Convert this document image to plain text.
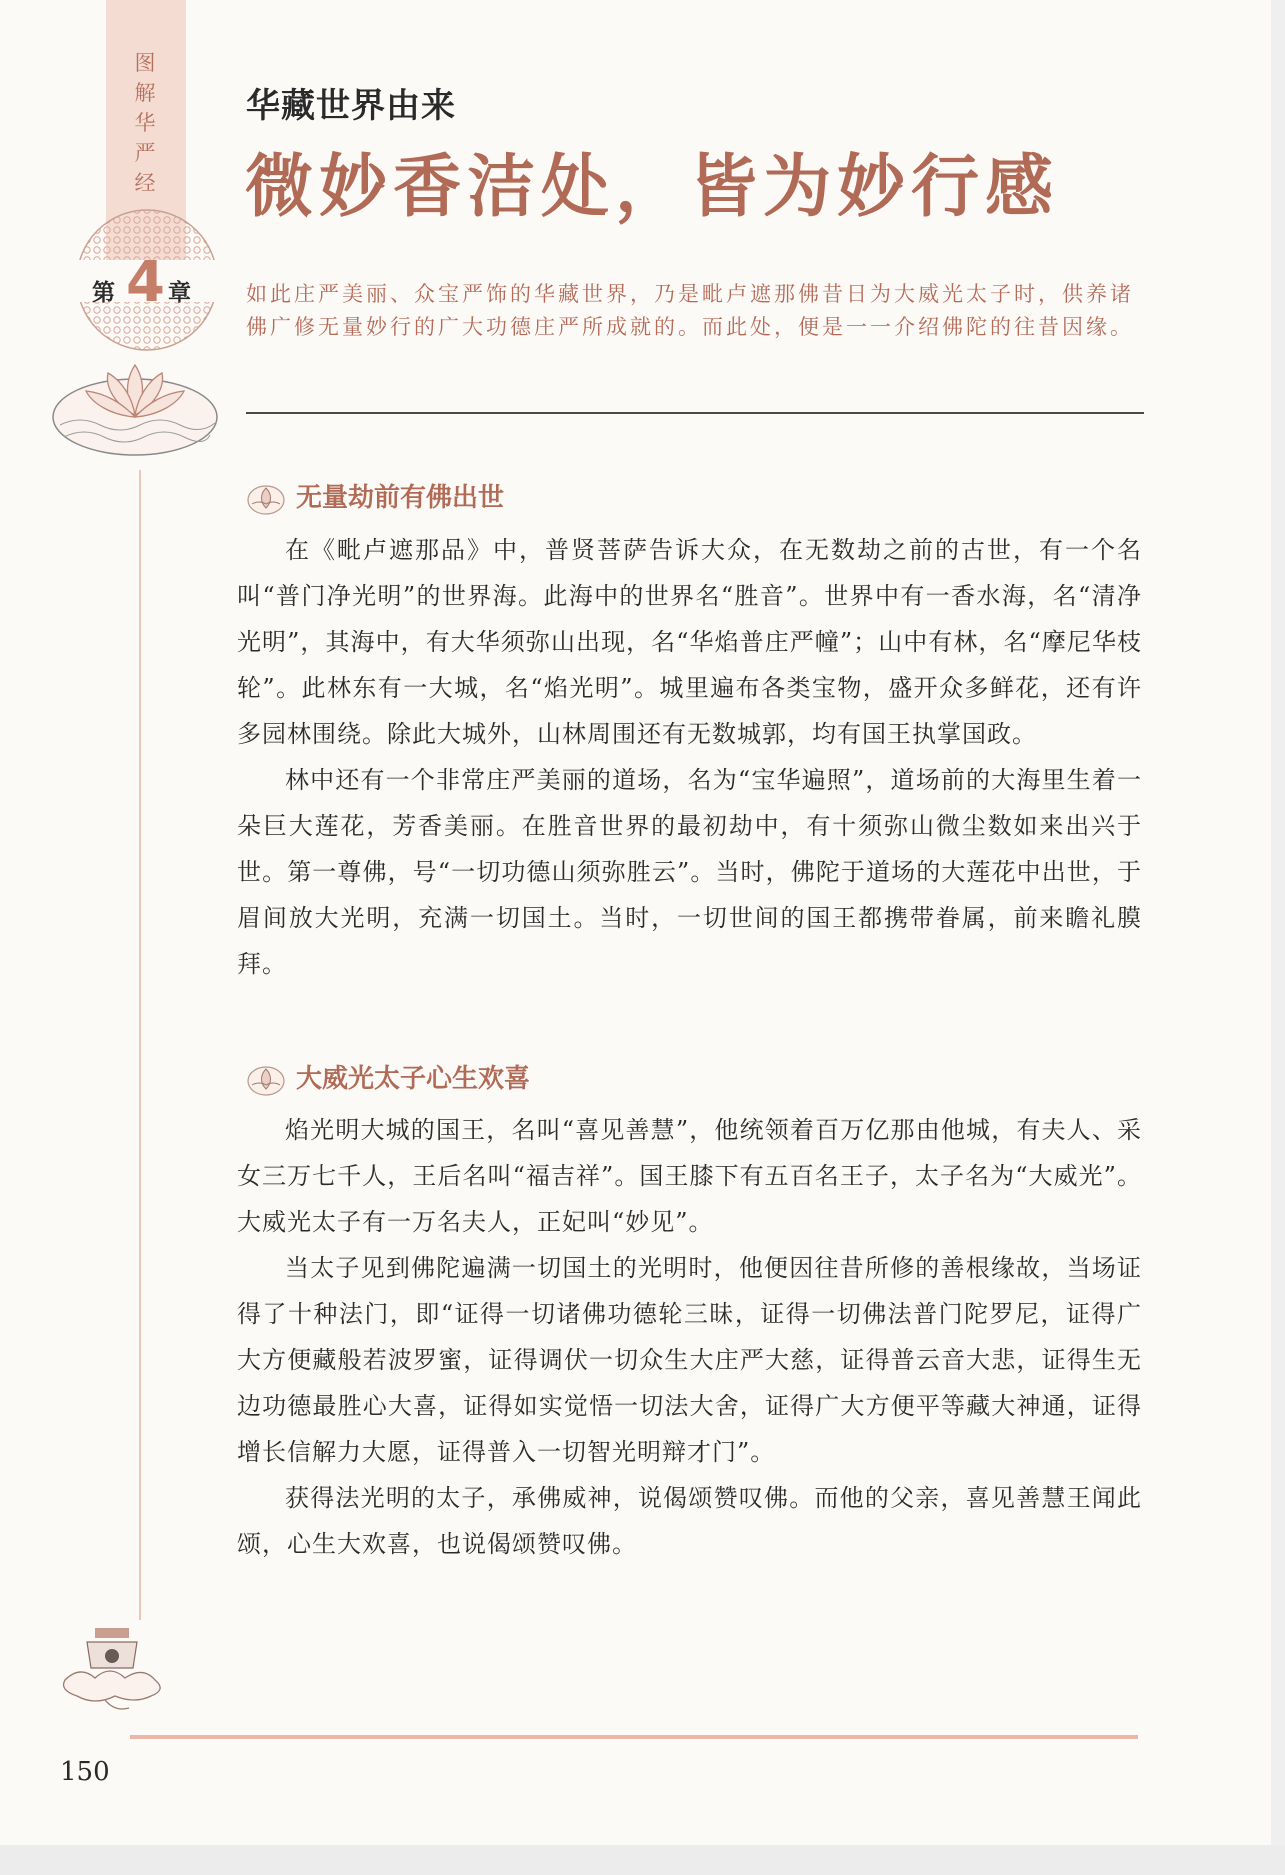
图
解
华
严
经
第 4 章
华藏世界由来
微妙香洁处，皆为妙行感
如此庄严美丽、众宝严饰的华藏世界，乃是毗卢遮那佛昔日为大威光太子时，供养诸佛广修无量妙行的广大功德庄严所成就的。而此处，便是一一介绍佛陀的往昔因缘。
无量劫前有佛出世

在《毗卢遮那品》中，普贤菩萨告诉大众，在无数劫之前的古世，有一个名叫“普门净光明”的世界海。此海中的世界名“胜音”。世界中有一香水海，名“清净光明”，其海中，有大华须弥山出现，名“华焰普庄严幢”；山中有林，名“摩尼华枝轮”。此林东有一大城，名“焰光明”。城里遍布各类宝物，盛开众多鲜花，还有许多园林围绕。除此大城外，山林周围还有无数城郭，均有国王执掌国政。

林中还有一个非常庄严美丽的道场，名为“宝华遍照”，道场前的大海里生着一朵巨大莲花，芳香美丽。在胜音世界的最初劫中，有十须弥山微尘数如来出兴于世。第一尊佛，号“一切功德山须弥胜云”。当时，佛陀于道场的大莲花中出世，于眉间放大光明，充满一切国土。当时，一切世间的国王都携带眷属，前来瞻礼膜拜。

大威光太子心生欢喜

焰光明大城的国王，名叫“喜见善慧”，他统领着百万亿那由他城，有夫人、采女三万七千人，王后名叫“福吉祥”。国王膝下有五百名王子，太子名为“大威光”。大威光太子有一万名夫人，正妃叫“妙见”。

当太子见到佛陀遍满一切国土的光明时，他便因往昔所修的善根缘故，当场证得了十种法门，即“证得一切诸佛功德轮三昧，证得一切佛法普门陀罗尼，证得广大方便藏般若波罗蜜，证得调伏一切众生大庄严大慈，证得普云音大悲，证得生无边功德最胜心大喜，证得如实觉悟一切法大舍，证得广大方便平等藏大神通，证得增长信解力大愿，证得普入一切智光明辩才门”。

获得法光明的太子，承佛威神，说偈颂赞叹佛。而他的父亲，喜见善慧王闻此颂，心生大欢喜，也说偈颂赞叹佛。

150
